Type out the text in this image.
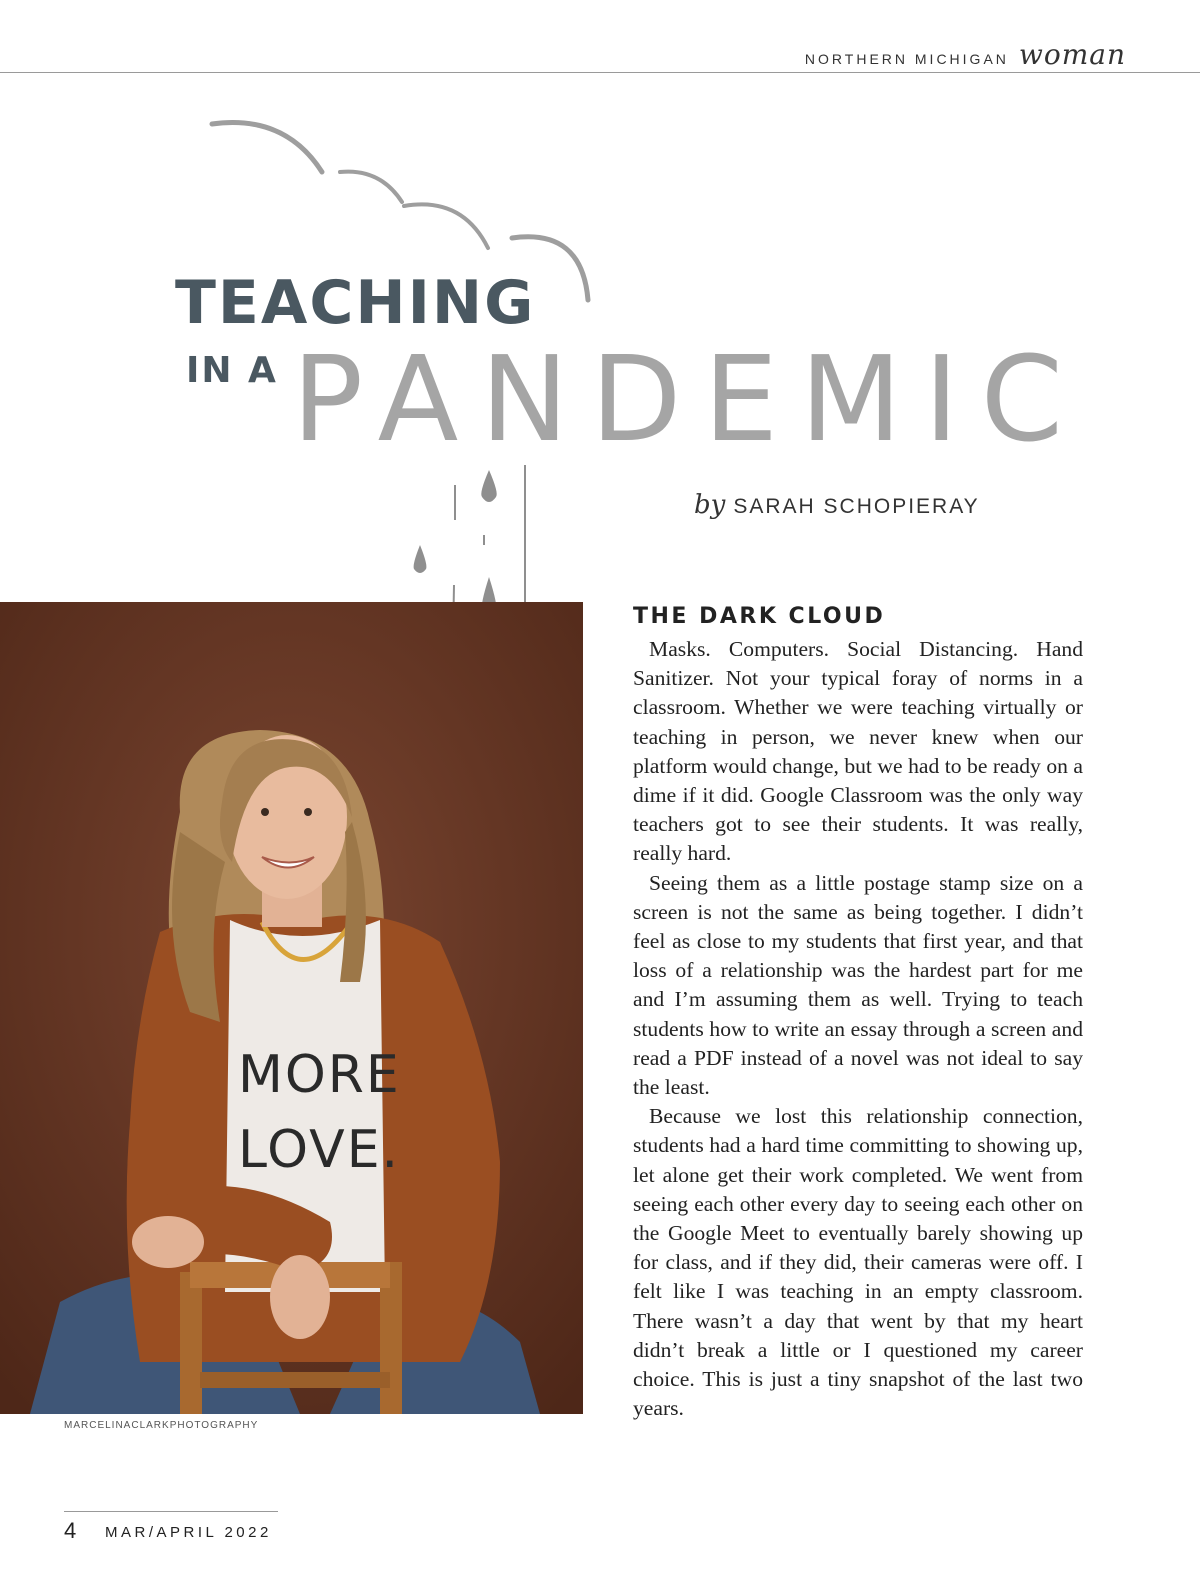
NORTHERN MICHIGAN woman
TEACHING
IN A PANDEMIC
by SARAH SCHOPIERAY
MORE
LOVE.
MARCELINACLARKPHOTOGRAPHY
THE DARK CLOUD

Masks. Computers. Social Distancing. Hand Sanitizer. Not your typical foray of norms in a classroom. Whether we were teaching virtually or teaching in person, we never knew when our platform would change, but we had to be ready on a dime if it did. Google Classroom was the only way teachers got to see their students. It was really, really hard.

Seeing them as a little postage stamp size on a screen is not the same as being together. I didn’t feel as close to my students that first year, and that loss of a relationship was the hardest part for me and I’m assuming them as well. Trying to teach students how to write an essay through a screen and read a PDF instead of a novel was not ideal to say the least.

Because we lost this relationship connection, students had a hard time committing to showing up, let alone get their work completed. We went from seeing each other every day to seeing each other on the Google Meet to eventually barely showing up for class, and if they did, their cameras were off. I felt like I was teaching in an empty classroom. There wasn’t a day that went by that my heart didn’t break a little or I questioned my career choice. This is just a tiny snapshot of the last two years.

4 MAR/APRIL 2022
